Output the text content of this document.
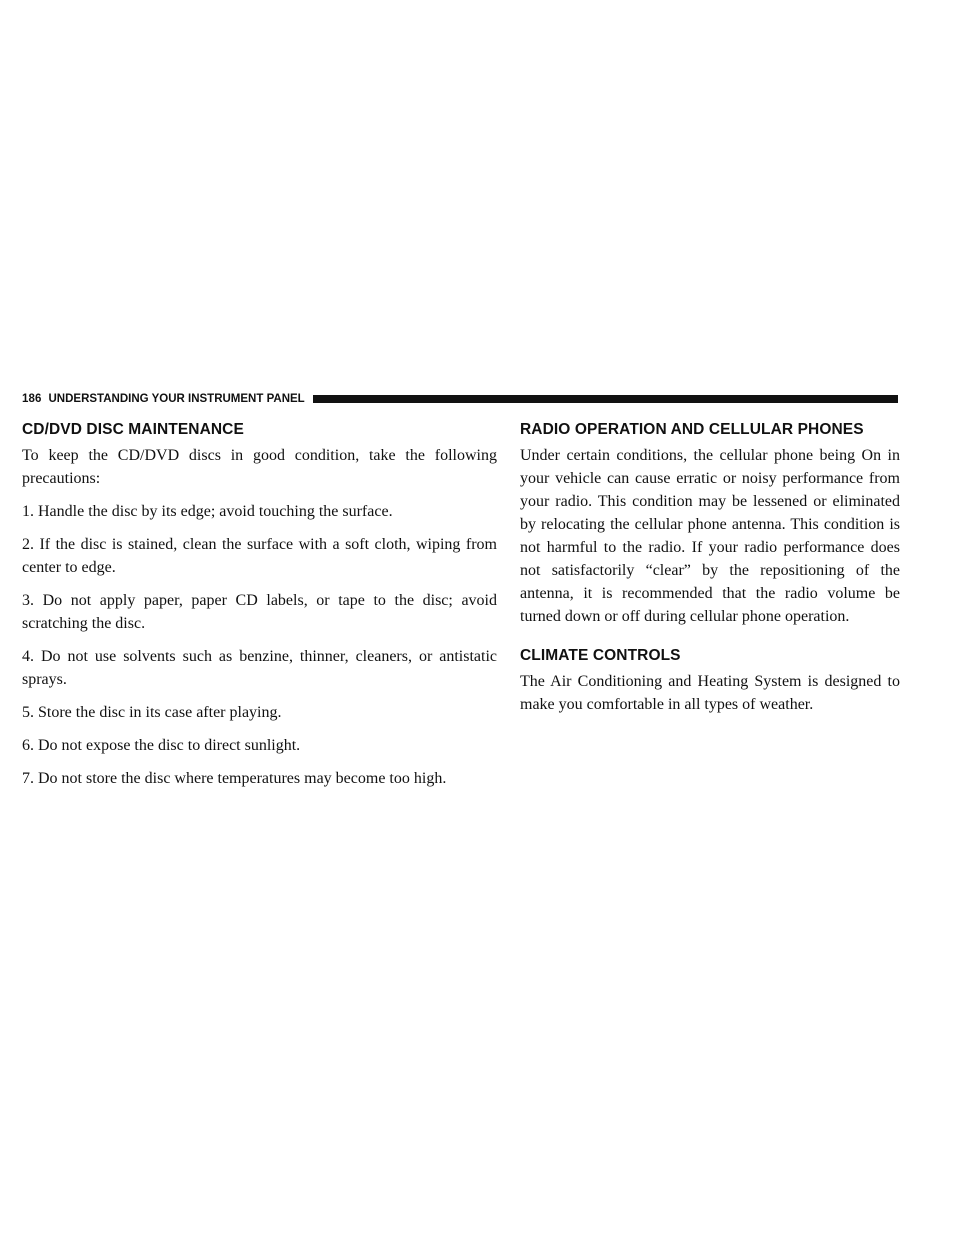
186 UNDERSTANDING YOUR INSTRUMENT PANEL
CD/DVD DISC MAINTENANCE

To keep the CD/DVD discs in good condition, take the following precautions:

1. Handle the disc by its edge; avoid touching the surface.

2. If the disc is stained, clean the surface with a soft cloth, wiping from center to edge.

3. Do not apply paper, paper CD labels, or tape to the disc; avoid scratching the disc.

4. Do not use solvents such as benzine, thinner, cleaners, or antistatic sprays.

5. Store the disc in its case after playing.

6. Do not expose the disc to direct sunlight.

7. Do not store the disc where temperatures may become too high.

RADIO OPERATION AND CELLULAR PHONES

Under certain conditions, the cellular phone being On in your vehicle can cause erratic or noisy performance from your radio. This condition may be lessened or eliminated by relocating the cellular phone antenna. This condition is not harmful to the radio. If your radio performance does not satisfactorily “clear” by the repositioning of the antenna, it is recommended that the radio volume be turned down or off during cellular phone operation.

CLIMATE CONTROLS

The Air Conditioning and Heating System is designed to make you comfortable in all types of weather.
